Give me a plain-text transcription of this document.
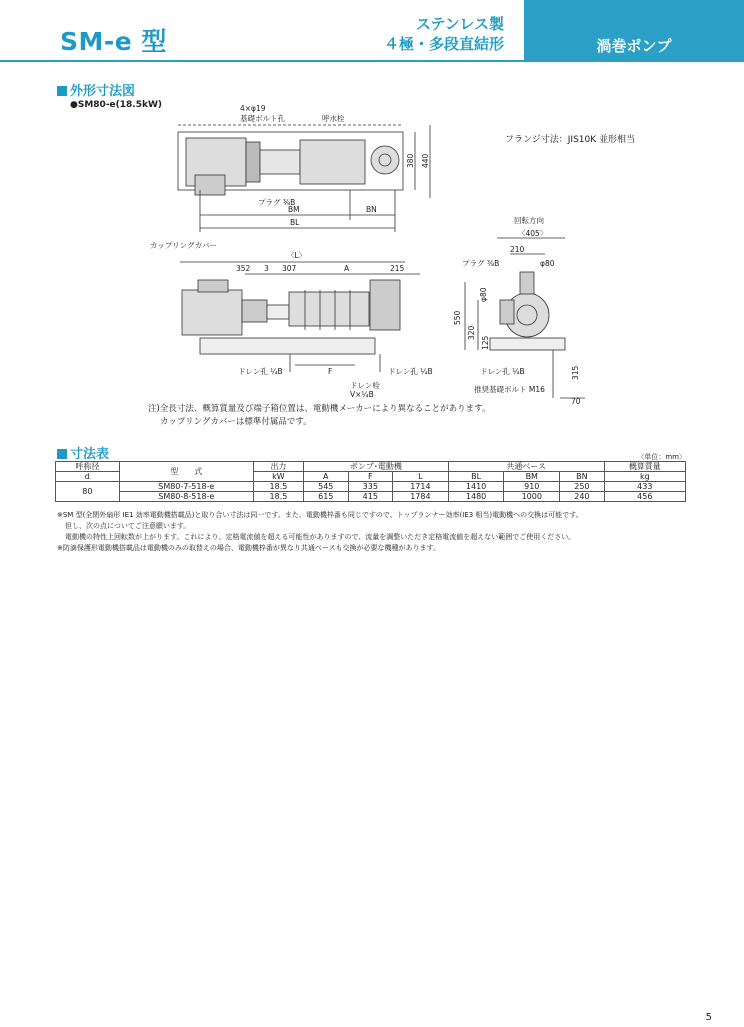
SM-e 型
ステンレス製
４極・多段直結形	渦巻ポンプ
外形寸法図
●SM80-e(18.5kW)	4×φ19
基礎ボルト孔	呼水栓
フランジ寸法：JIS10K 並形相当
プラグ ⅜B
380 440
BM	BN
BL
カップリングカバー
〈L〉
352 3 307	A	215
ドレン孔 ¼B	F	ドレン孔 ¼B
ドレン栓
V×¼B
回転方向
〈405〉
210
プラグ ⅜B	φ80
φ80
550
320
125
ドレン孔 ¼B
推奨基礎ボルト M16
315
70
注)全長寸法、概算質量及び端子箱位置は、電動機メーカーにより異なることがあります。
カップリングカバーは標準付属品です。
寸法表	〈単位：mm〉
呼称径	型　　式	出力	ポンプ･電動機			共通ベース			概算質量
d		kW	A	F	L	BL	BM	BN	kg
80	SM80-7-518-e	18.5	545	335	1714	1410	910	250	433
	SM80-8-518-e	18.5	615	415	1784	1480	1000	240	456
※SM 型(全閉外扇形 IE1 効率電動機搭載品)と取り合い寸法は同一です。また、電動機枠番も同じですので、トップランナー効率(IE3 相当)電動機への交換は可能です。
但し、次の点についてご注意願います。
電動機の特性上回転数が上がります。これにより、定格電流値を超える可能性がありますので、流量を調整いただき定格電流値を超えない範囲でご使用ください。
※防滴保護形電動機搭載品は電動機のみの取替えの場合、電動機枠番が異なり共通ベースも交換が必要な機種があります。
5
